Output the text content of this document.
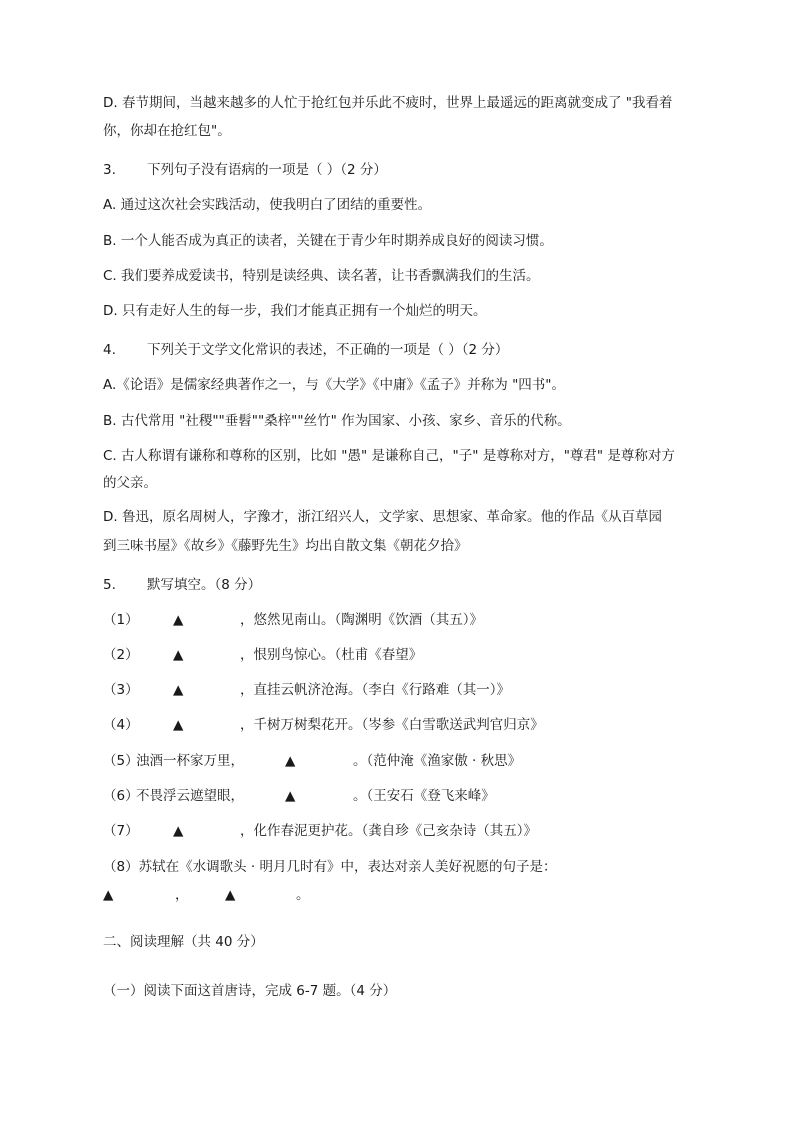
D. 春节期间，当越来越多的人忙于抢红包并乐此不疲时，世界上最遥远的距离就变成了 "我看着
你，你却在抢红包"。
3. 下列句子没有语病的一项是（ ）（2 分）
A. 通过这次社会实践活动，使我明白了团结的重要性。
B. 一个人能否成为真正的读者，关键在于青少年时期养成良好的阅读习惯。
C. 我们要养成爱读书，特别是读经典、读名著，让书香飘满我们的生活。
D. 只有走好人生的每一步，我们才能真正拥有一个灿烂的明天。
4. 下列关于文学文化常识的表述，不正确的一项是（ ）（2 分）
A.《论语》是儒家经典著作之一，与《大学》《中庸》《孟子》并称为 "四书"。
B. 古代常用 "社稷""垂髫""桑梓""丝竹" 作为国家、小孩、家乡、音乐的代称。
C. 古人称谓有谦称和尊称的区别，比如 "愚" 是谦称自己，"子" 是尊称对方，"尊君" 是尊称对方
的父亲。
D. 鲁迅，原名周树人，字豫才，浙江绍兴人，文学家、思想家、革命家。他的作品《从百草园
到三味书屋》《故乡》《藤野先生》均出自散文集《朝花夕拾》
5. 默写填空。（8 分）
（1）	▲	，悠然见南山。（陶渊明《饮酒（其五）》
（2）	▲	，恨别鸟惊心。（杜甫《春望》
（3）	▲	，直挂云帆济沧海。（李白《行路难（其一）》
（4）	▲	，千树万树梨花开。（岑参《白雪歌送武判官归京》
（5）
浊酒一杯家万里，	▲	。（范仲淹《渔家傲 · 秋思》
（6）
不畏浮云遮望眼，	▲	。（王安石《登飞来峰》
（7）	▲	，化作春泥更护花。（龚自珍《己亥杂诗（其五）》
（8）苏轼在《水调歌头 · 明月几时有》中，表达对亲人美好祝愿的句子是：
▲	，	▲	。
二、阅读理解（共 40 分）
（一）阅读下面这首唐诗，完成 6-7 题。（4 分）
